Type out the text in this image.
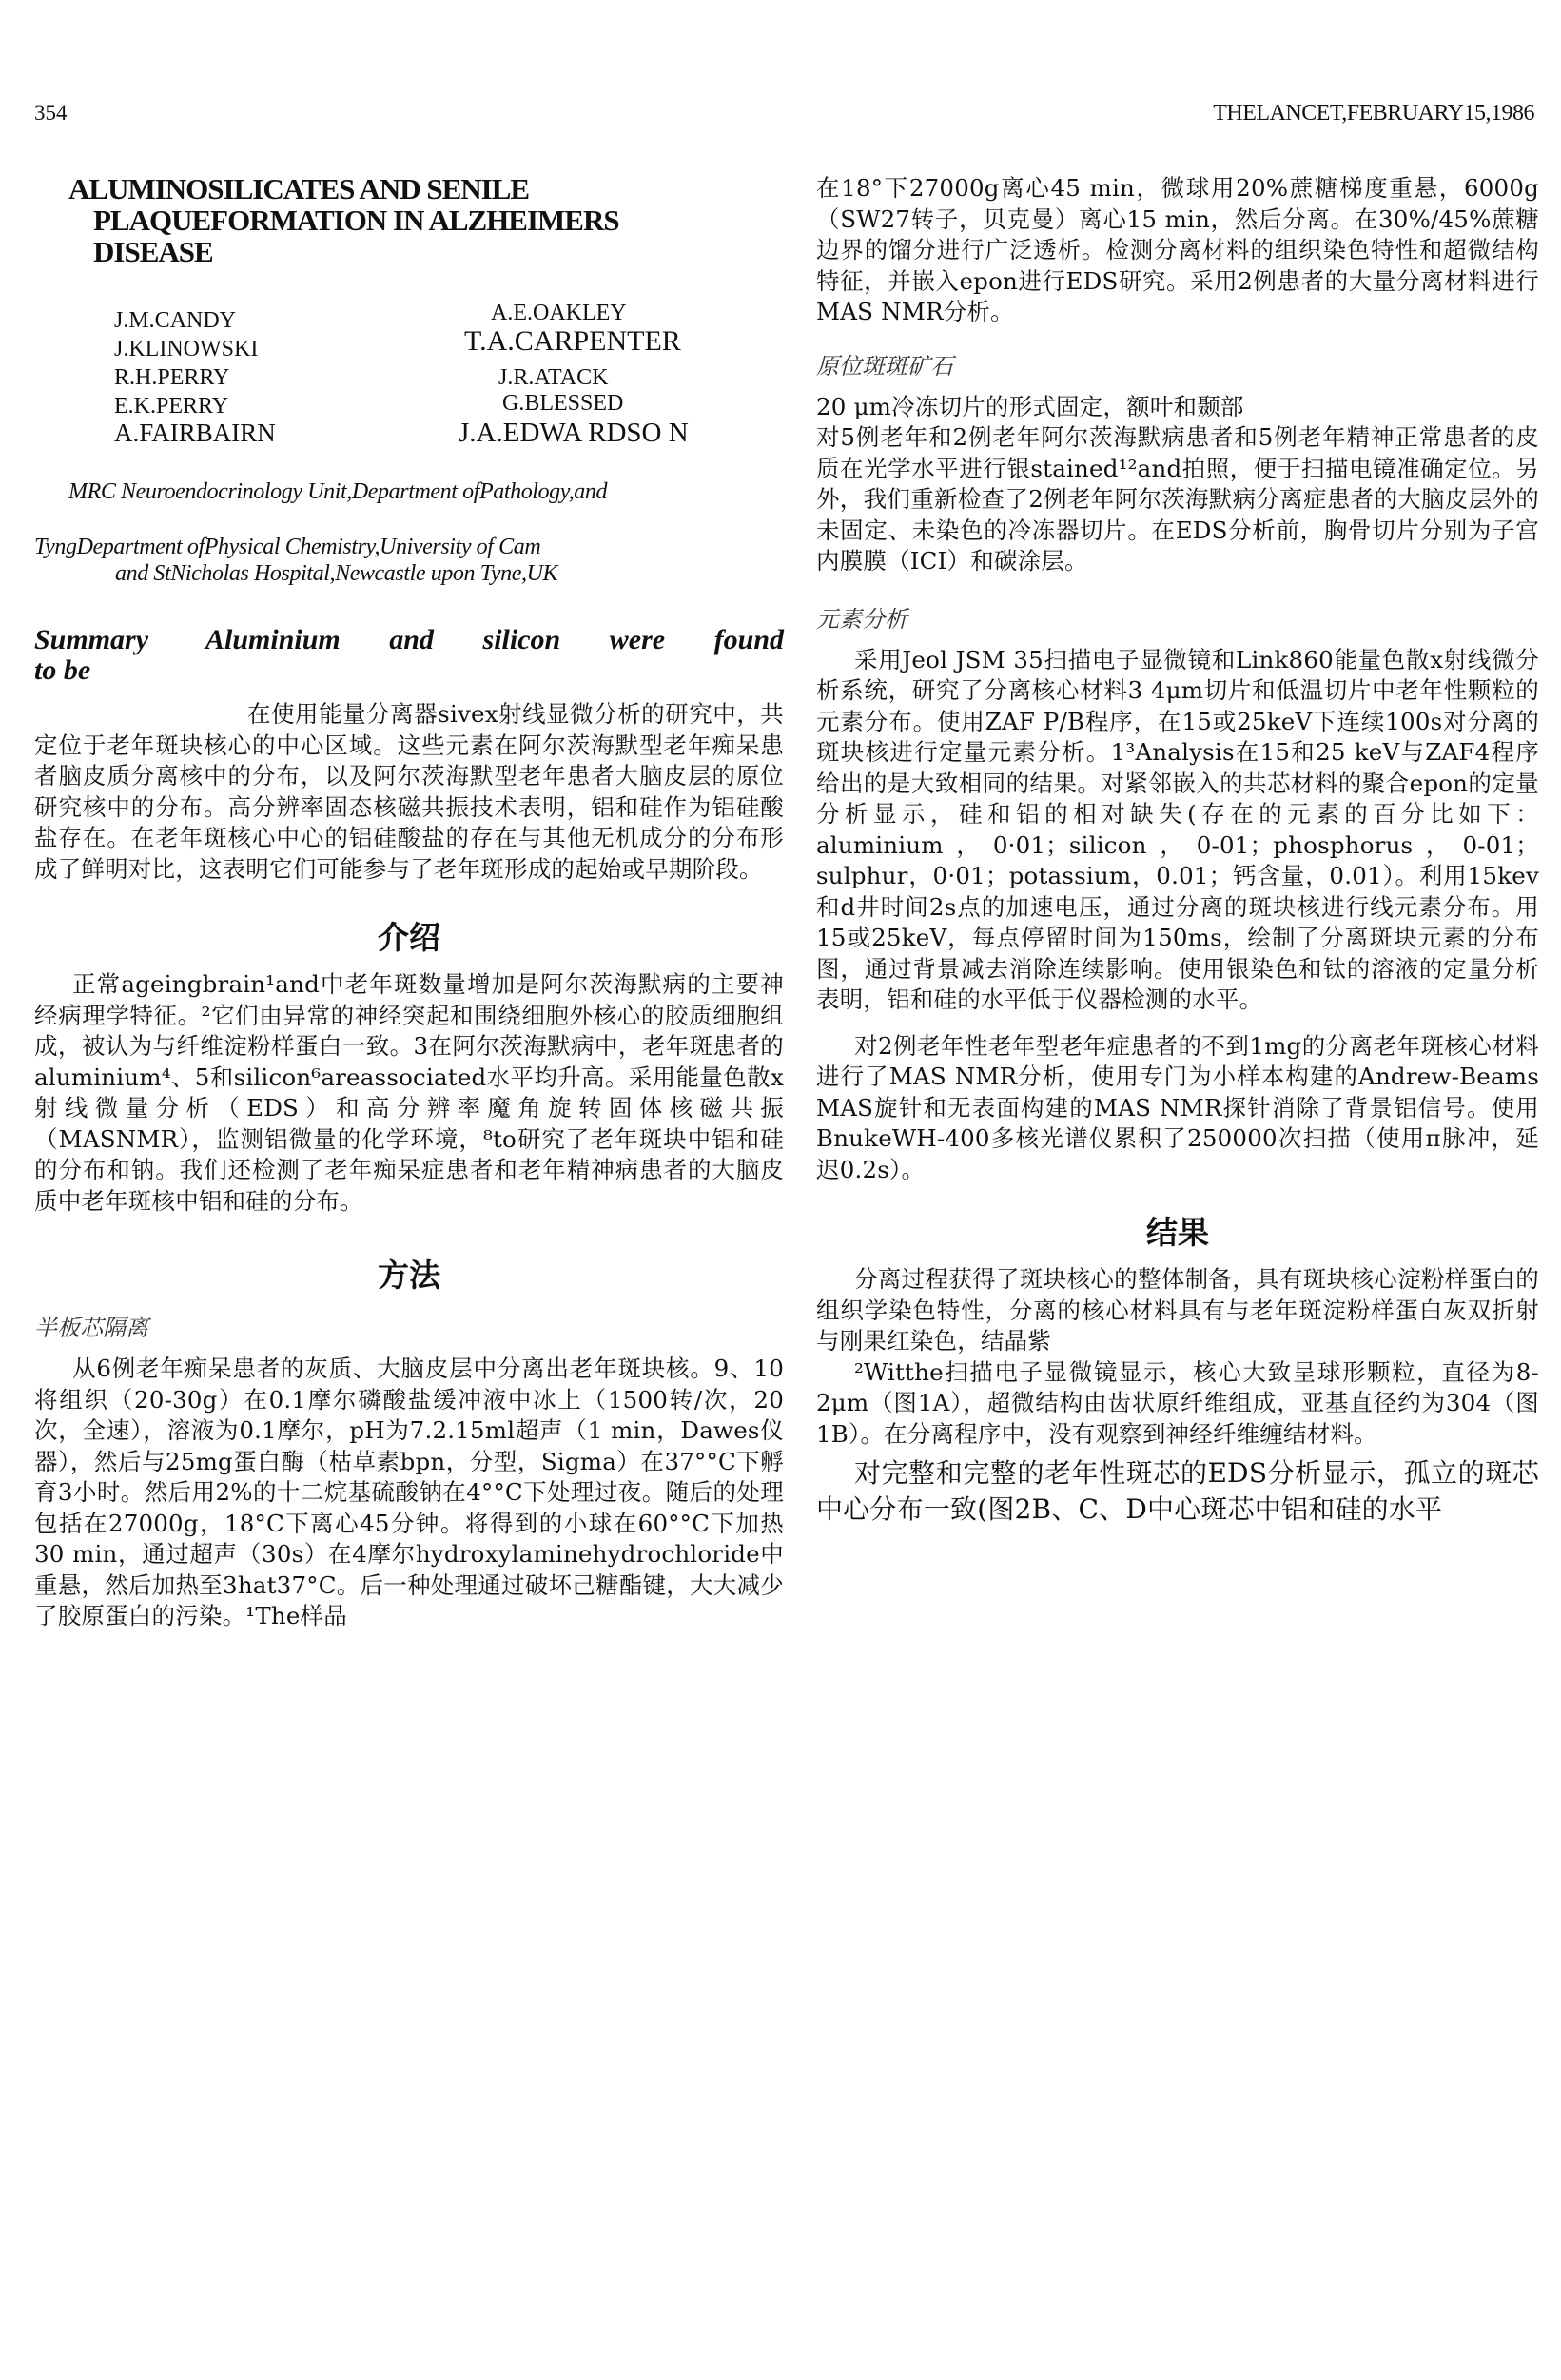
354	THELANCET,FEBRUARY15,1986
ALUMINOSILICATES AND SENILE
PLAQUEFORMATION IN ALZHEIMERS
DISEASE
J.M.CANDY
J.KLINOWSKI
R.H.PERRY
E.K.PERRY
A.FAIRBAIRN
A.E.OAKLEY
T.A.CARPENTER
J.R.ATACK
G.BLESSED
J.A.EDWA RDSO N
MRC Neuroendocrinology Unit,Department ofPathology,and
TyngDepartment ofPhysical Chemistry,University of Cam
and StNicholas Hospital,Newcastle upon Tyne,UK
Summary	Aluminium and silicon were found
to be

在使用能量分离器sivex射线显微分析的研究中，共定位于老年斑块核心的中心区域。这些元素在阿尔茨海默型老年痴呆患者脑皮质分离核中的分布，以及阿尔茨海默型老年患者大脑皮层的原位研究核中的分布。高分辨率固态核磁共振技术表明，铝和硅作为铝硅酸盐存在。在老年斑核心中心的铝硅酸盐的存在与其他无机成分的分布形成了鲜明对比，这表明它们可能参与了老年斑形成的起始或早期阶段。

介绍

正常ageingbrain¹and中老年斑数量增加是阿尔茨海默病的主要神经病理学特征。²它们由异常的神经突起和围绕细胞外核心的胶质细胞组成，被认为与纤维淀粉样蛋白一致。3在阿尔茨海默病中，老年斑患者的aluminium⁴、5和silicon⁶areassociated水平均升高。采用能量色散x射线微量分析（EDS）和高分辨率魔角旋转固体核磁共振（MASNMR），监测铝微量的化学环境，⁸to研究了老年斑块中铝和硅的分布和钠。我们还检测了老年痴呆症患者和老年精神病患者的大脑皮质中老年斑核中铝和硅的分布。

方法
半板芯隔离

从6例老年痴呆患者的灰质、大脑皮层中分离出老年斑块核。9、10将组织（20-30g）在0.1摩尔磷酸盐缓冲液中冰上（1500转/次，20次，全速），溶液为0.1摩尔，pH为7.2.15ml超声（1 min，Dawes仪器），然后与25mg蛋白酶（枯草素bpn，分型，Sigma）在37°°C下孵育3小时。然后用2%的十二烷基硫酸钠在4°°C下处理过夜。随后的处理包括在27000g，18°C下离心45分钟。将得到的小球在60°°C下加热30 min，通过超声（30s）在4摩尔hydroxylaminehydrochloride中重悬，然后加热至3hat37°C。后一种处理通过破坏己糖酯键，大大减少了胶原蛋白的污染。¹The样品

在18°下27000g离心45 min，微球用20%蔗糖梯度重悬，6000g（SW27转子，贝克曼）离心15 min，然后分离。在30%/45%蔗糖边界的馏分进行广泛透析。检测分离材料的组织染色特性和超微结构特征，并嵌入epon进行EDS研究。采用2例患者的大量分离材料进行MAS NMR分析。

原位斑斑矿石

20 μm冷冻切片的形式固定，额叶和颞部

对5例老年和2例老年阿尔茨海默病患者和5例老年精神正常患者的皮质在光学水平进行银stained¹²and拍照，便于扫描电镜准确定位。另外，我们重新检查了2例老年阿尔茨海默病分离症患者的大脑皮层外的未固定、未染色的冷冻器切片。在EDS分析前，胸骨切片分别为子宫内膜膜（ICI）和碳涂层。

元素分析

采用Jeol JSM 35扫描电子显微镜和Link860能量色散x射线微分析系统，研究了分离核心材料3 4μm切片和低温切片中老年性颗粒的元素分布。使用ZAF P/B程序，在15或25keV下连续100s对分离的斑块核进行定量元素分析。1³Analysis在15和25 keV与ZAF4程序给出的是大致相同的结果。对紧邻嵌入的共芯材料的聚合epon的定量分析显示，硅和铝的相对缺失(存在的元素的百分比如下：aluminium，0·01；silicon，0-01；phosphorus，0-01；sulphur，0·01；potassium，0.01；钙含量，0.01）。利用15kev和d井时间2s点的加速电压，通过分离的斑块核进行线元素分布。用15或25keV，每点停留时间为150ms，绘制了分离斑块元素的分布图，通过背景减去消除连续影响。使用银染色和钛的溶液的定量分析表明，铝和硅的水平低于仪器检测的水平。

对2例老年性老年型老年症患者的不到1mg的分离老年斑核心材料进行了MAS NMR分析，使用专门为小样本构建的Andrew-Beams MAS旋针和无表面构建的MAS NMR探针消除了背景铝信号。使用BnukeWH-400多核光谱仪累积了250000次扫描（使用π脉冲，延迟0.2s）。

结果

分离过程获得了斑块核心的整体制备，具有斑块核心淀粉样蛋白的组织学染色特性，分离的核心材料具有与老年斑淀粉样蛋白灰双折射与刚果红染色，结晶紫

²Witthe扫描电子显微镜显示，核心大致呈球形颗粒，直径为8-2μm（图1A），超微结构由齿状原纤维组成，亚基直径约为304（图1B）。在分离程序中，没有观察到神经纤维缠结材料。

对完整和完整的老年性斑芯的EDS分析显示，孤立的斑芯中心分布一致(图2B、C、D中心斑芯中铝和硅的水平
